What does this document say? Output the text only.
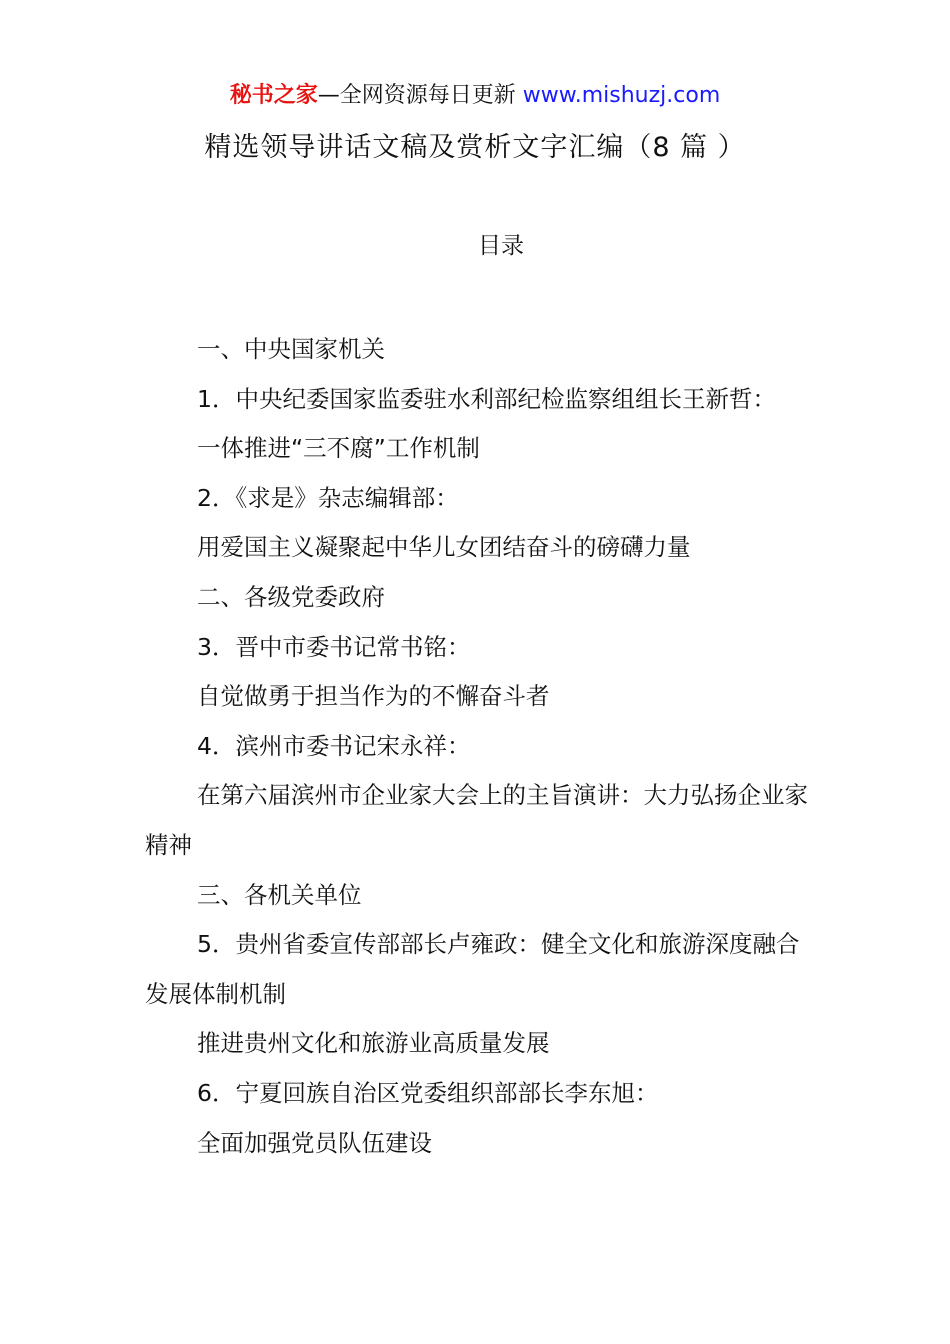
秘书之家—全网资源每日更新 www.mishuzj.com
精选领导讲话文稿及赏析文字汇编（8 篇 ）
目录

一、中央国家机关

1．中央纪委国家监委驻水利部纪检监察组组长王新哲：

一体推进“三不腐”工作机制

2．《求是》杂志编辑部：

用爱国主义凝聚起中华儿女团结奋斗的磅礴力量

二、各级党委政府

3．晋中市委书记常书铭：

自觉做勇于担当作为的不懈奋斗者

4．滨州市委书记宋永祥：

在第六届滨州市企业家大会上的主旨演讲：大力弘扬企业家精神

三、各机关单位

5．贵州省委宣传部部长卢雍政：健全文化和旅游深度融合发展体制机制

推进贵州文化和旅游业高质量发展

6．宁夏回族自治区党委组织部部长李东旭：

全面加强党员队伍建设
